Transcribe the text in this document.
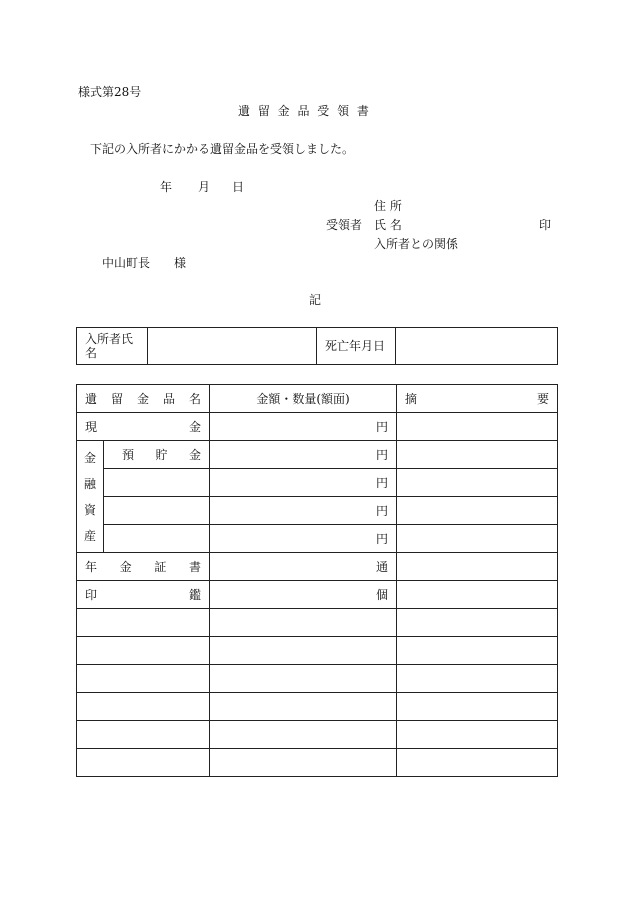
様式第28号
遺 留 金 品 受 領 書
下記の入所者にかかる遺留金品を受領しました。
年 月 日
住 所
受領者 氏 名	印
入所者との関係
中山町長　　様
記
入所者氏名		死亡年月日	
遺 留 金 品 名		金額・数量(額面)	摘 要

現 金		円	

金
融
資
産	預 貯 金	円	
		円	
		円	
		円	

年 金 証 書		通	

印 鑑		個	
